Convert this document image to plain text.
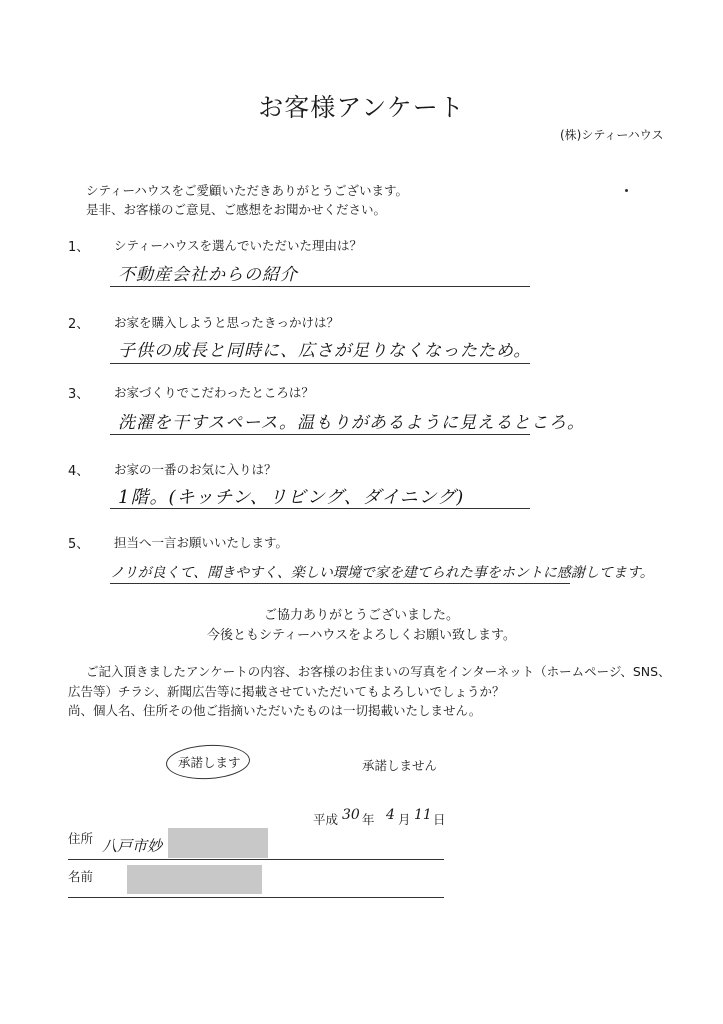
お客様アンケート
(株)シティーハウス
シティーハウスをご愛顧いただきありがとうございます。
是非、お客様のご意見、ご感想をお聞かせください。
1、 シティーハウスを選んでいただいた理由は？
不動産会社からの紹介
2、 お家を購入しようと思ったきっかけは？
子供の成長と同時に、広さが足りなくなったため。
3、 お家づくりでこだわったところは？
洗濯を干すスペース。温もりがあるように見えるところ。
4、 お家の一番のお気に入りは？
1階。(キッチン、リビング、ダイニング)
5、 担当へ一言お願いいたします。
ノリが良くて、聞きやすく、楽しい環境で家を建てられた事をホントに感謝してます。
ご協力ありがとうございました。
今後ともシティーハウスをよろしくお願い致します。
ご記入頂きましたアンケートの内容、お客様のお住まいの写真をインターネット（ホームページ、SNS、
広告等）チラシ、新聞広告等に掲載させていただいてもよろしいでしょうか？
尚、個人名、住所その他ご指摘いただいたものは一切掲載いたしません。
承諾します	承諾しません
平成 30 年 4 月 11 日
住所 八戸市妙
名前
